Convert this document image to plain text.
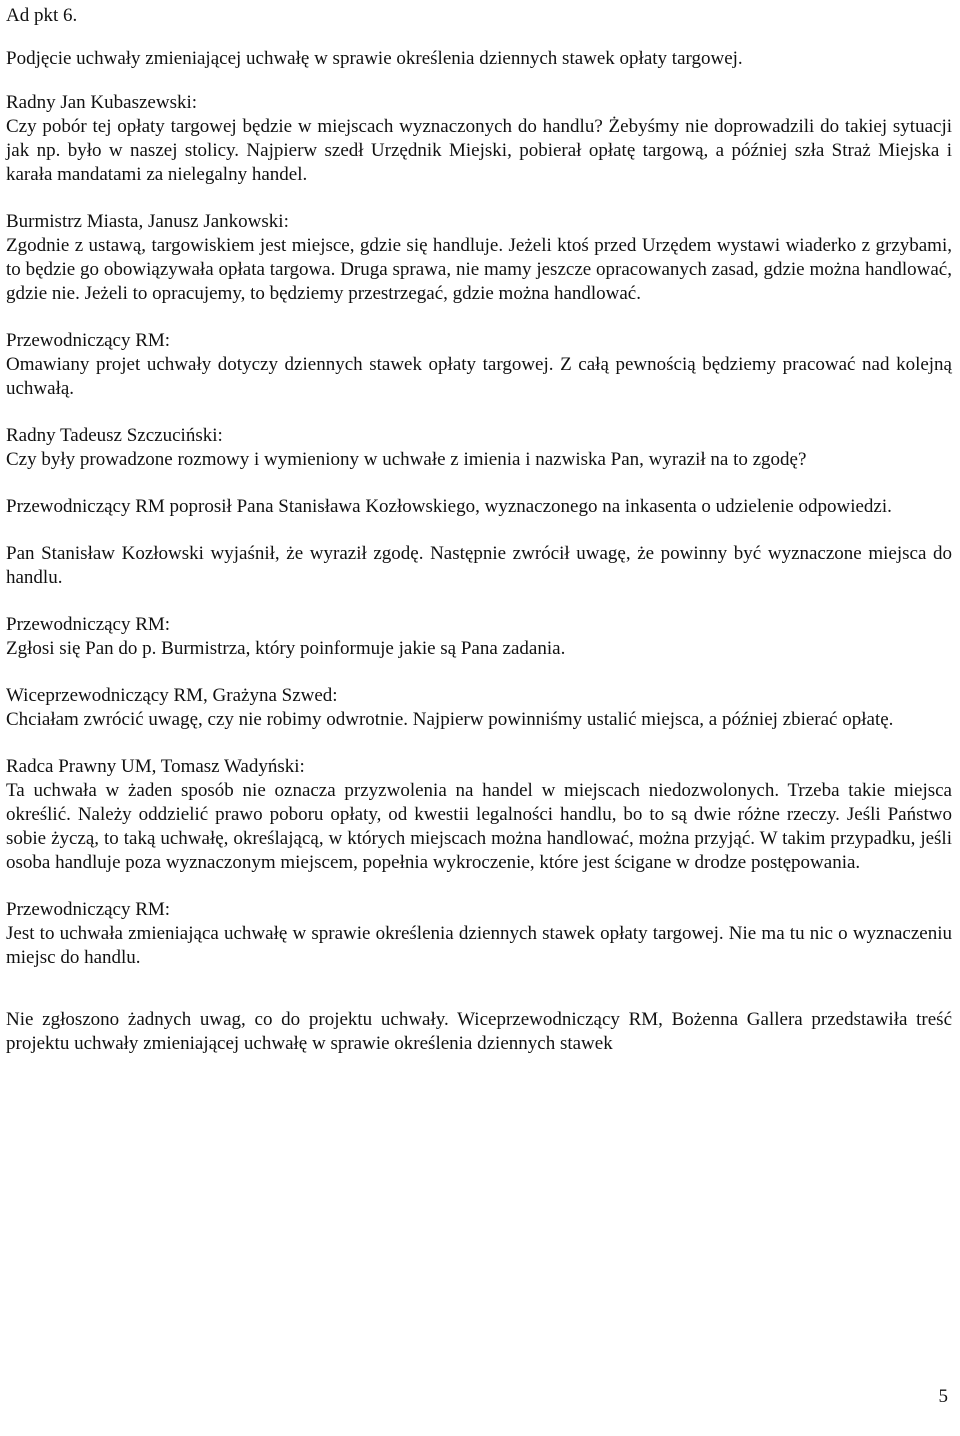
Ad pkt 6.

Podjęcie uchwały zmieniającej uchwałę w sprawie określenia dziennych stawek opłaty targowej.

Radny Jan Kubaszewski:
Czy pobór tej opłaty targowej będzie w miejscach wyznaczonych do handlu? Żebyśmy nie doprowadzili do takiej sytuacji jak np. było w naszej stolicy. Najpierw szedł Urzędnik Miejski, pobierał opłatę targową, a później szła Straż Miejska i karała mandatami za nielegalny handel.
Burmistrz Miasta, Janusz Jankowski:
Zgodnie z ustawą, targowiskiem jest miejsce, gdzie się handluje. Jeżeli ktoś przed Urzędem wystawi wiaderko z grzybami, to będzie go obowiązywała opłata targowa. Druga sprawa, nie mamy jeszcze opracowanych zasad, gdzie można handlować, gdzie nie. Jeżeli to opracujemy, to będziemy przestrzegać, gdzie można handlować.
Przewodniczący RM:
Omawiany projet uchwały dotyczy dziennych stawek opłaty targowej. Z całą pewnością będziemy pracować nad kolejną uchwałą.
Radny Tadeusz Szczuciński:
Czy były prowadzone rozmowy i wymieniony w uchwałe z imienia i nazwiska Pan, wyraził na to zgodę?
Przewodniczący RM poprosił Pana Stanisława Kozłowskiego, wyznaczonego na inkasenta o udzielenie odpowiedzi.
Pan Stanisław Kozłowski wyjaśnił, że wyraził zgodę. Następnie zwrócił uwagę, że powinny być wyznaczone miejsca do handlu.
Przewodniczący RM:
Zgłosi się Pan do p. Burmistrza, który poinformuje jakie są Pana zadania.
Wiceprzewodniczący RM, Grażyna Szwed:
Chciałam zwrócić uwagę, czy nie robimy odwrotnie. Najpierw powinniśmy ustalić miejsca, a później zbierać opłatę.
Radca Prawny UM, Tomasz Wadyński:
Ta uchwała w żaden sposób nie oznacza przyzwolenia na handel w miejscach niedozwolonych. Trzeba takie miejsca określić. Należy oddzielić prawo poboru opłaty, od kwestii legalności handlu, bo to są dwie różne rzeczy. Jeśli Państwo sobie życzą, to taką uchwałę, określającą, w których miejscach można handlować, można przyjąć. W takim przypadku, jeśli osoba handluje poza wyznaczonym miejscem, popełnia wykroczenie, które jest ścigane w drodze postępowania.
Przewodniczący RM:
Jest to uchwała zmieniająca uchwałę w sprawie określenia dziennych stawek opłaty targowej. Nie ma tu nic o wyznaczeniu miejsc do handlu.
Nie zgłoszono żadnych uwag, co do projektu uchwały. Wiceprzewodniczący RM, Bożenna Gallera przedstawiła treść projektu uchwały zmieniającej uchwałę w sprawie określenia dziennych stawek
5
